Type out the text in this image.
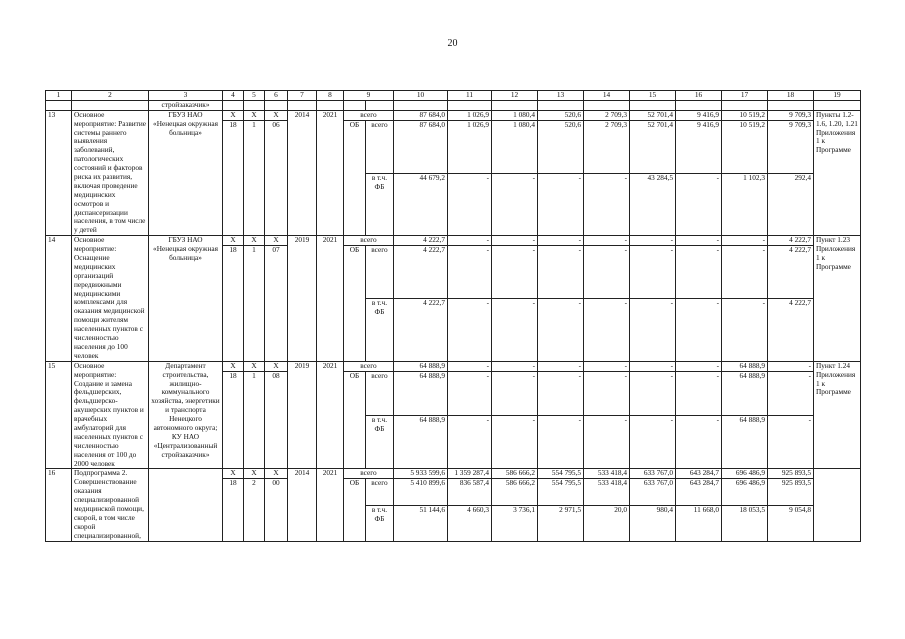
20
1	2	3	4	5	6	7	8	9		10	11	12	13	14	15	16	17	18	19
		стройзаказчик»																	
13	Основное мероприятие: Развитие системы раннего выявления заболеваний, патологических состояний и факторов риска их развития, включая проведение медицинских осмотров и диспансеризации населения, в том числе у детей	ГБУЗ НАО «Ненецкая окружная больница»	Х	Х	Х	2014	2021	всего		87 684,0	1 026,9	1 080,4	520,6	2 709,3	52 701,4	9 416,9	10 519,2	9 709,3	Пункты 1.2-1.6, 1.20, 1.21 Приложения 1 к Программе
			18	1	06			ОБ	всего	87 684,0	1 026,9	1 080,4	520,6	2 709,3	52 701,4	9 416,9	10 519,2	9 709,3	
									в т.ч. ФБ	44 679,2	-	-	-	-	43 284,5	-	1 102,3	292,4	

14	Основное мероприятие: Оснащение медицинских организаций передвижными медицинскими комплексами для оказания медицинской помощи жителям населенных пунктов с численностью населения до 100 человек	ГБУЗ НАО «Ненецкая окружная больница»	Х	Х	Х	2019	2021	всего		4 222,7	-	-	-	-	-	-	-	4 222,7	Пункт 1.23 Приложения 1 к Программе
			18	1	07			ОБ	всего	4 222,7	-	-	-	-	-	-	-	4 222,7	
									в т.ч. ФБ	4 222,7	-	-	-	-	-	-	-	4 222,7	

15	Основное мероприятие: Создание и замена фельдшерских, фельдшерско-акушерских пунктов и врачебных амбулаторий для населенных пунктов с численностью населения от 100 до 2000 человек	Департамент строительства, жилищно-коммунального хозяйства, энергетики и транспорта Ненецкого автономного округа; КУ НАО «Централизованный стройзаказчик»	Х	Х	Х	2019	2021	всего		64 888,9	-	-	-	-	-	-	64 888,9	-	Пункт 1.24 Приложения 1 к Программе
			18	1	08			ОБ	всего	64 888,9	-	-	-	-	-	-	64 888,9	-	
									в т.ч. ФБ	64 888,9	-	-	-	-	-	-	64 888,9	-	

16	Подпрограмма 2. Совершенствование оказания специализированной медицинской помощи, скорой, в том числе скорой специализированной,		Х	Х	Х	2014	2021	всего		5 933 599,6	1 359 287,4	586 666,2	554 795,5	533 418,4	633 767,0	643 284,7	696 486,9	925 893,5	
			18	2	00			ОБ	всего	5 410 899,6	836 587,4	586 666,2	554 795,5	533 418,4	633 767,0	643 284,7	696 486,9	925 893,5	
									в т.ч. ФБ	51 144,6	4 660,3	3 736,1	2 971,5	20,0	980,4	11 668,0	18 053,5	9 054,8	
